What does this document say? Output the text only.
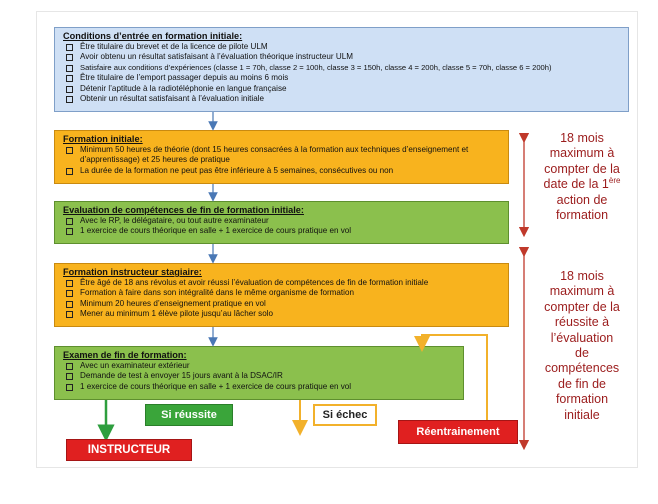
Conditions d’entrée en formation initiale:
Être titulaire du brevet et de la licence de pilote ULM
Avoir obtenu un résultat satisfaisant à l’évaluation théorique instructeur ULM
Satisfaire aux conditions d’expériences (classe 1 = 70h, classe 2 = 100h, classe 3 = 150h, classe 4 = 200h, classe 5 = 70h, classe 6 = 200h)
Être titulaire de l’emport passager depuis au moins 6 mois
Détenir l’aptitude à la radiotéléphonie en langue française
Obtenir un résultat satisfaisant à l’évaluation initiale
Formation initiale:
Minimum 50 heures de théorie (dont 15 heures consacrées à la formation aux techniques d’enseignement et d’apprentissage) et 25 heures de pratique
La durée de la formation ne peut pas être inférieure à 5 semaines, consécutives ou non
Evaluation de compétences de fin de formation initiale:
Avec le RP, le délégataire, ou tout autre examinateur
1 exercice de cours théorique en salle + 1 exercice de cours pratique en vol
Formation instructeur stagiaire:
Être âgé de 18 ans révolus et avoir réussi l’évaluation de compétences de fin de formation initiale
Formation à faire dans son intégralité dans le même organisme de formation
Minimum 20 heures d’enseignement pratique en vol
Mener au minimum 1 élève pilote jusqu’au lâcher solo
Examen de fin de formation:
Avec un examinateur extérieur
Demande de test à envoyer 15 jours avant à la DSAC/IR
1 exercice de cours théorique en salle + 1 exercice de cours pratique en vol
18 mois
maximum à
compter de la
date de la 1ère
action de
formation
18 mois
maximum à
compter de la
réussite à
l’évaluation
de
compétences
de fin de
formation
initiale
Si réussite	Si échec
Réentrainement
INSTRUCTEUR
